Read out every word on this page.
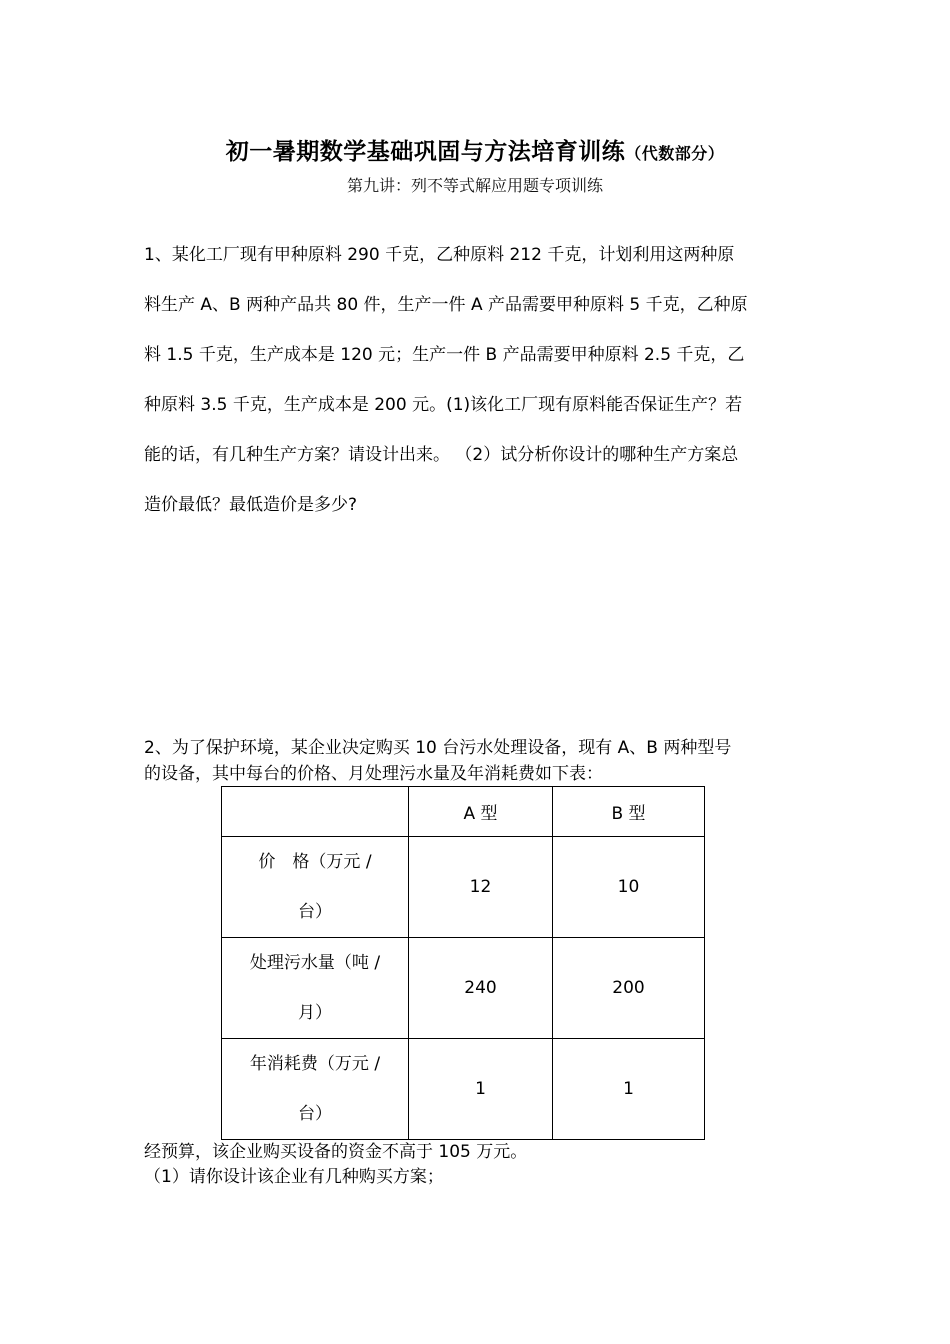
初一暑期数学基础巩固与方法培育训练（代数部分）
第九讲：列不等式解应用题专项训练
1、某化工厂现有甲种原料 290 千克，乙种原料 212 千克，计划利用这两种原
料生产 A、B 两种产品共 80 件，生产一件 A 产品需要甲种原料 5 千克，乙种原
料 1.5 千克，生产成本是 120 元；生产一件 B 产品需要甲种原料 2.5 千克，乙
种原料 3.5 千克，生产成本是 200 元。(1)该化工厂现有原料能否保证生产？若
能的话，有几种生产方案？请设计出来。 （2）试分析你设计的哪种生产方案总
造价最低？最低造价是多少?
2、为了保护环境，某企业决定购买 10 台污水处理设备，现有 A、B 两种型号
的设备，其中每台的价格、月处理污水量及年消耗费如下表：
	A 型	B 型

价　格（万元 /
台）	12	10

处理污水量（吨 /
月）	240	200

年消耗费（万元 /
台）	1	1
经预算，该企业购买设备的资金不高于 105 万元。
（1）请你设计该企业有几种购买方案；
